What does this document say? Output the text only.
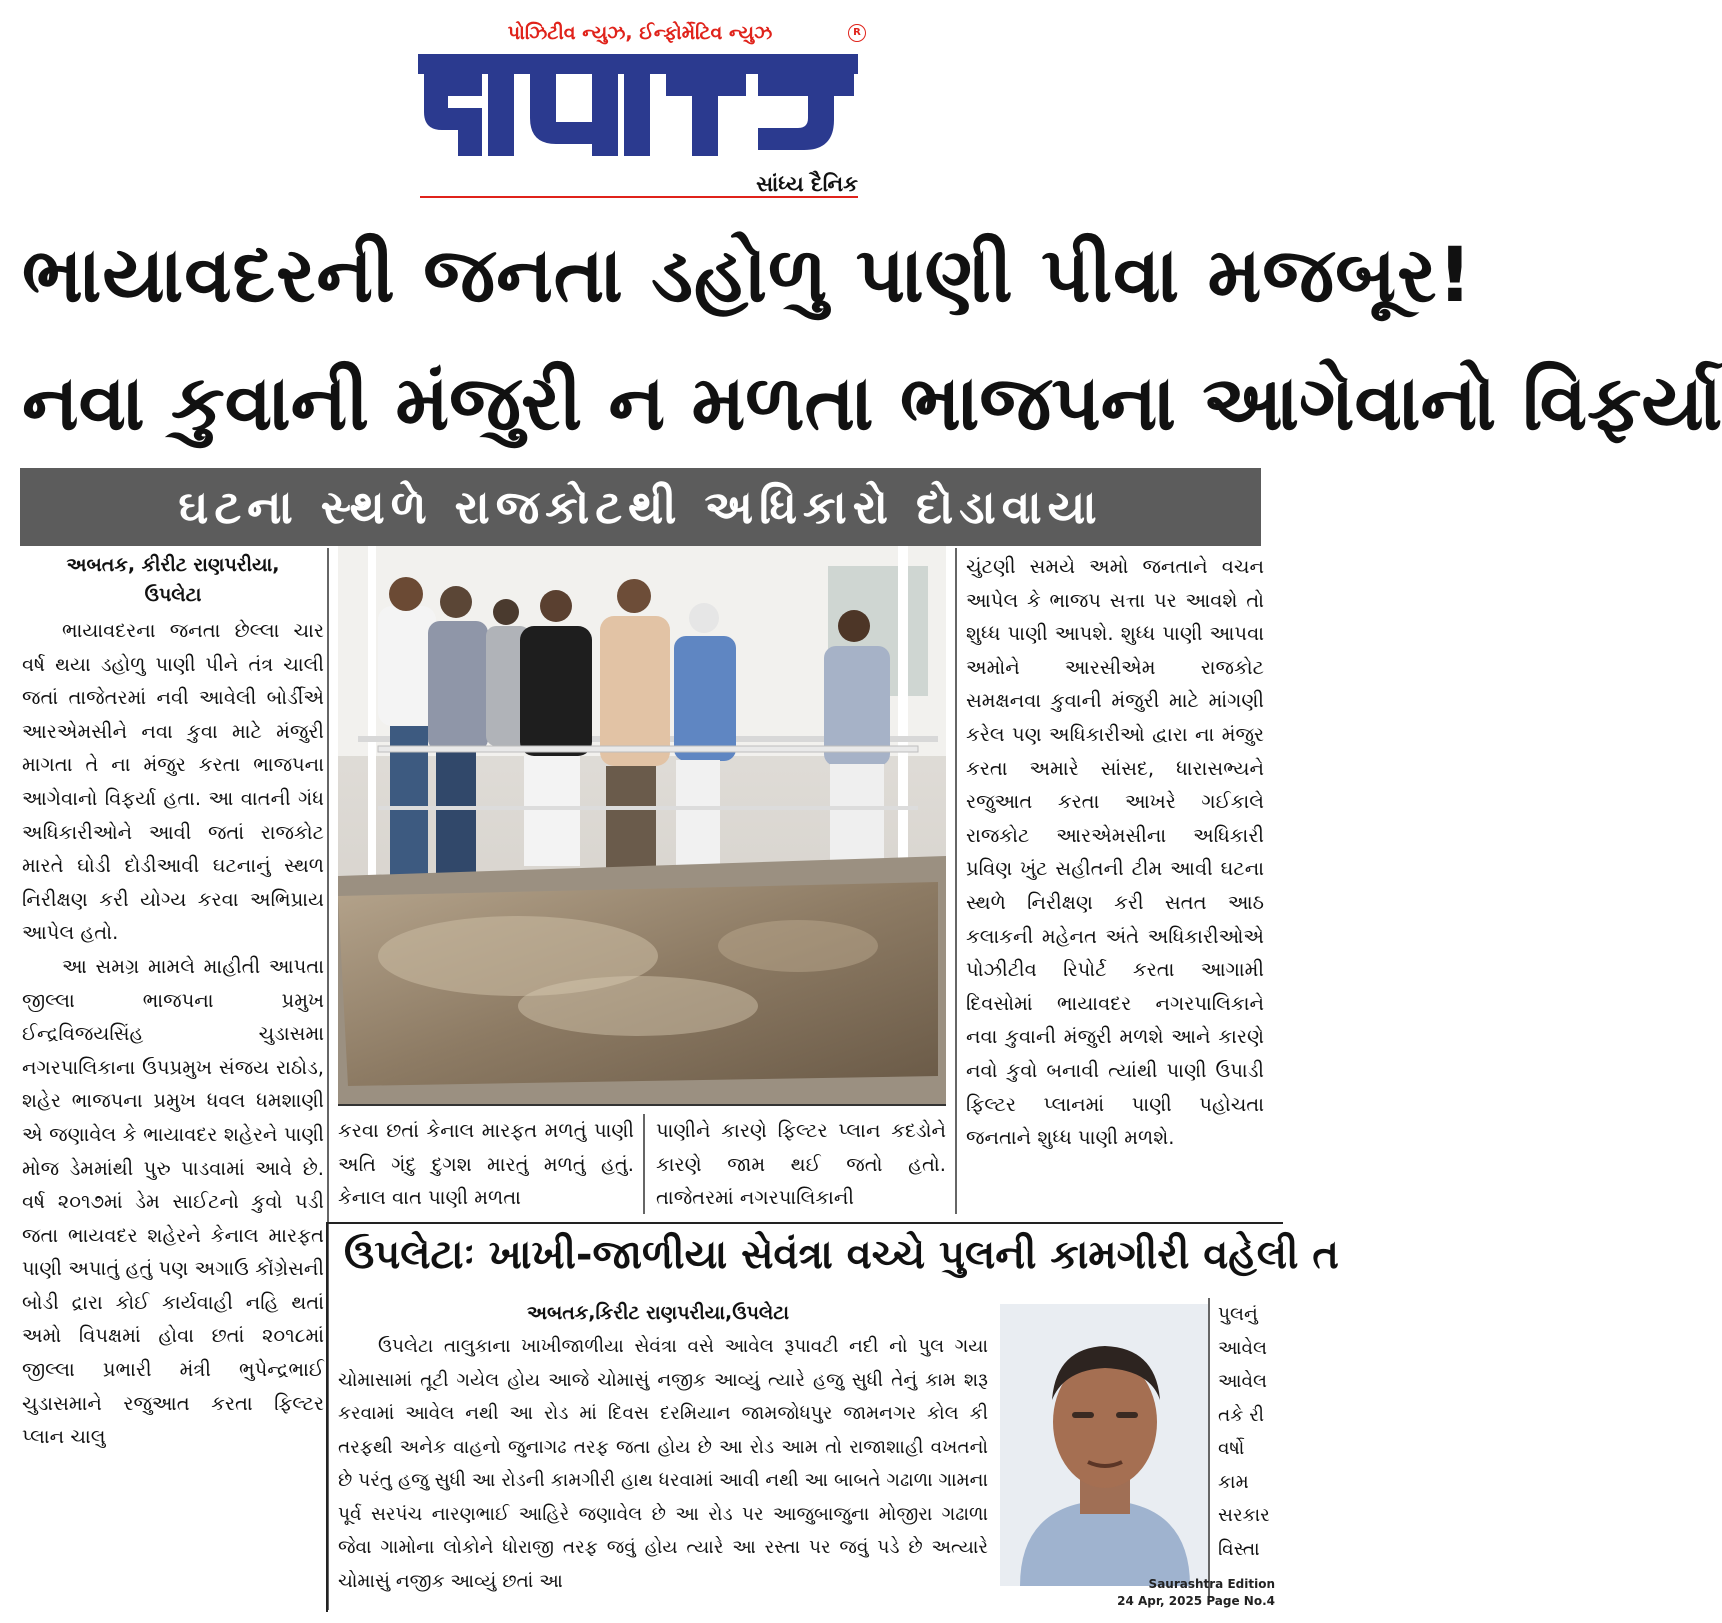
પોઝિટીવ ન્યુઝ, ઈન્ફોર્મેટિવ ન્યુઝ	R
અબતક
સાંધ્ય દૈનિક
ભાયાવદરની જનતા ડહોળુ પાણી પીવા મજબૂર!
નવા કુવાની મંજુરી ન મળતા ભાજપના આગેવાનો વિફર્યા
ઘટના સ્થળે રાજકોટથી અધિકારો દોડાવાયા
અબતક, કીરીટ રાણપરીયા,
ઉપલેટા

ભાયાવદરના જનતા છેલ્લા ચાર વર્ષ થયા ડહોળુ પાણી પીને તંત્ર ચાલી જતાં તાજેતરમાં નવી આવેલી બોર્ડીએ આરએમસીને નવા કુવા માટે મંજુરી માગતા તે ના મંજુર કરતા ભાજપના આગેવાનો વિફર્યા હતા. આ વાતની ગંધ અધિકારીઓને આવી જતાં રાજકોટ મારતે ઘોડી દોડીઆવી ઘટનાનું સ્થળ નિરીક્ષણ કરી યોગ્ય કરવા અભિપ્રાય આપેલ હતો.

આ સમગ્ર મામલે માહીતી આપતા જીલ્લા ભાજપના પ્રમુખ ઈન્દ્રવિજયસિંહ ચુડાસમા નગરપાલિકાના ઉપપ્રમુખ સંજય રાઠોડ, શહેર ભાજપના પ્રમુખ ધવલ ધમશાણી એ જણાવેલ કે ભાયાવદર શહેરને પાણી મોજ ડેમમાંથી પુરુ પાડવામાં આવે છે. વર્ષ ૨૦૧૭માં ડેમ સાઈટનો કુવો પડી જતા ભાયવદર શહેરને કેનાલ મારફત પાણી અપાતું હતું પણ અગાઉ કોંગ્રેસની બોડી દ્રારા કોઈ કાર્યવાહી નહિ થતાં અમો વિપક્ષમાં હોવા છતાં ૨૦૧૮માં જીલ્લા પ્રભારી મંત્રી ભુપેન્દ્રભાઈ ચુડાસમાને રજુઆત કરતા ફિલ્ટર પ્લાન ચાલુ

કરવા છતાં કેનાલ મારફત મળતું પાણી અતિ ગંદુ દુગશ મારતું મળતું હતું. કેનાલ વાત પાણી મળતા

પાણીને કારણે ફિલ્ટર પ્લાન કદડોને કારણે જામ થઈ જતો હતો. તાજેતરમાં નગરપાલિકાની

ચુંટણી સમયે અમો જનતાને વચન આપેલ કે ભાજપ સત્તા પર આવશે તો શુધ્ધ પાણી આપશે. શુધ્ધ પાણી આપવા અમોને આરસીએમ રાજકોટ સમક્ષનવા કુવાની મંજુરી માટે માંગણી કરેલ પણ અધિકારીઓ દ્વારા ના મંજુર કરતા અમારે સાંસદ, ધારાસભ્યને રજુઆત કરતા આખરે ગઈકાલે રાજકોટ આરએમસીના અધિકારી પ્રવિણ ખુંટ સહીતની ટીમ આવી ઘટના સ્થળે નિરીક્ષણ કરી સતત આઠ કલાકની મહેનત અંતે અધિકારીઓએ પોઝીટીવ રિપોર્ટ કરતા આગામી દિવસોમાં ભાયાવદર નગરપાલિકાને નવા કુવાની મંજુરી મળશે આને કારણે નવો કુવો બનાવી ત્યાંથી પાણી ઉપાડી ફિલ્ટર પ્લાનમાં પાણી પહોચતા જનતાને શુધ્ધ પાણી મળશે.

ઉપલેટાઃ ખાખી-જાળીયા સેવંત્રા વચ્ચે પુલની કામગીરી વહેલી ત
અબતક,કિરીટ રાણપરીયા,ઉપલેટા

ઉપલેટા તાલુકાના ખાખીજાળીયા સેવંત્રા વસે આવેલ રૂપાવટી નદી નો પુલ ગયા ચોમાસામાં તૂટી ગયેલ હોય આજે ચોમાસું નજીક આવ્યું ત્યારે હજુ સુધી તેનું કામ શરૂ કરવામાં આવેલ નથી આ રોડ માં દિવસ દરમિયાન જામજોધપુર જામનગર કોલ કી તરફથી અનેક વાહનો જુનાગઢ તરફ જતા હોય છે આ રોડ આમ તો રાજાશાહી વખતનો છે પરંતુ હજુ સુધી આ રોડની કામગીરી હાથ ધરવામાં આવી નથી આ બાબતે ગઢાળા ગામના પૂર્વ સરપંચ નારણભાઈ આહિરે જણાવેલ છે આ રોડ પર આજુબાજુના મોજીરા ગઢાળા જેવા ગામોના લોકોને ધોરાજી તરફ જવું હોય ત્યારે આ રસ્તા પર જવું પડે છે અત્યારે ચોમાસું નજીક આવ્યું છતાં આ

પુલનું
આવેલ
આવેલ
તકે રી
વર્ષો
કામ
સરકાર
વિસ્તા
Saurashtra Edition
24 Apr, 2025 Page No.4
